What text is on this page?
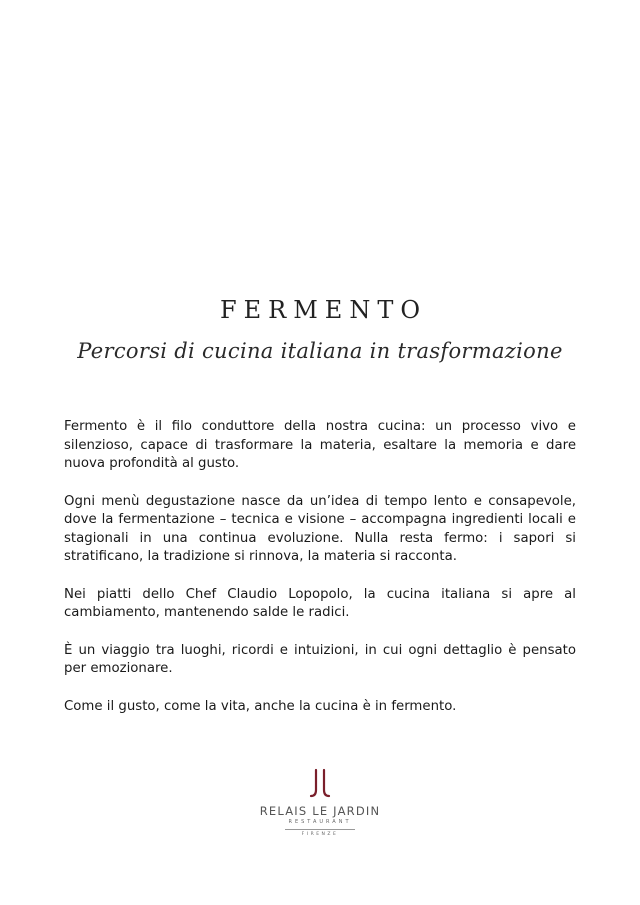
FERMENTO
Percorsi di cucina italiana in trasformazione

Fermento è il filo conduttore della nostra cucina: un processo vivo e silenzioso, capace di trasformare la materia, esaltare la memoria e dare nuova profondità al gusto.

Ogni menù degustazione nasce da un’idea di tempo lento e consapevole, dove la fermentazione – tecnica e visione – accompagna ingredienti locali e stagionali in una continua evoluzione. Nulla resta fermo: i sapori si stratificano, la tradizione si rinnova, la materia si racconta.

Nei piatti dello Chef Claudio Lopopolo, la cucina italiana si apre al cambiamento, mantenendo salde le radici.

È un viaggio tra luoghi, ricordi e intuizioni, in cui ogni dettaglio è pensato per emozionare.

Come il gusto, come la vita, anche la cucina è in fermento.

RELAIS LE JARDIN
RESTAURANT
FIRENZE
